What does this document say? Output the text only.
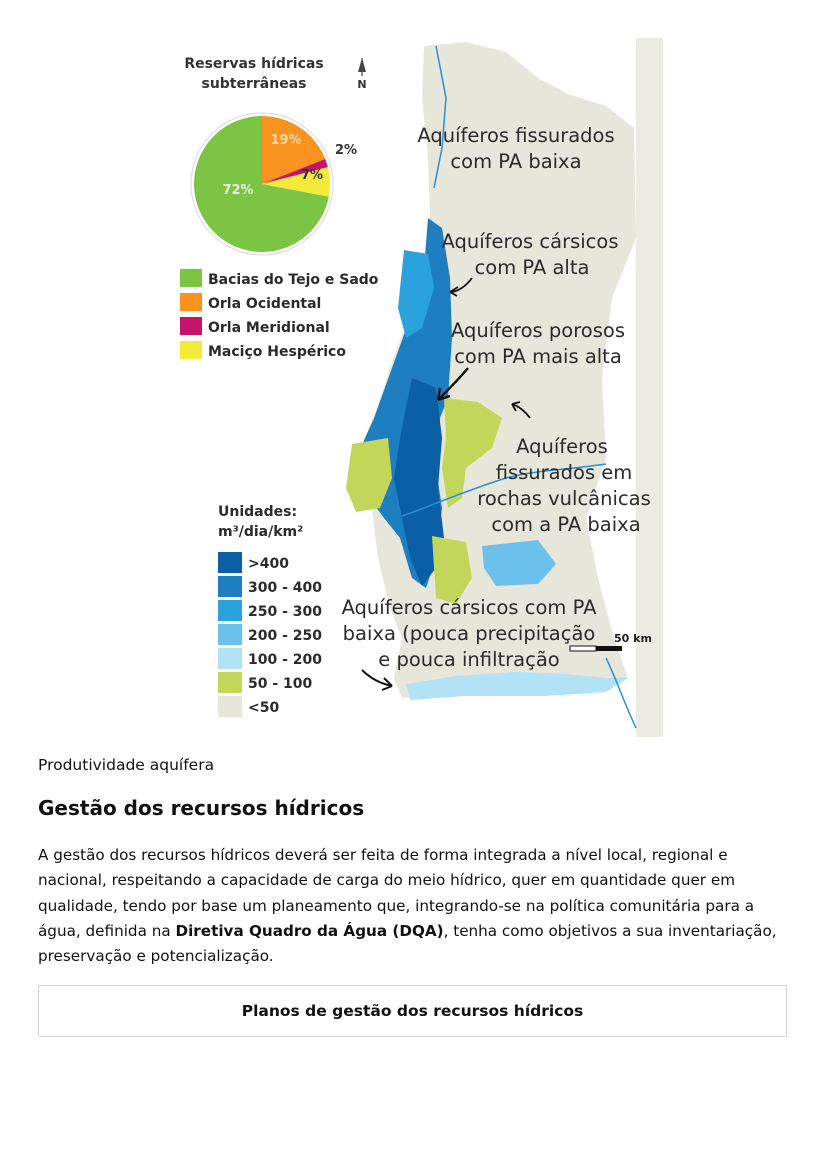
N
Reservas hídricas
subterrâneas
19%
2%
7%
72%
Bacias do Tejo e Sado
Orla Ocidental
Orla Meridional
Maciço Hespérico
Unidades:
m³/dia/km²
>400
300 - 400
250 - 300
200 - 250
100 - 200
50 - 100
<50
Aquíferos fissurados
com PA baixa
Aquíferos cársicos
com PA alta
Aquíferos porosos
com PA mais alta
Aquíferos
fissurados em
rochas vulcânicas
com a PA baixa
Aquíferos cársicos com PA
baixa (pouca precipitação
e pouca infiltração
50 km
Produtividade aquífera
Gestão dos recursos hídricos

A gestão dos recursos hídricos deverá ser feita de forma integrada a nível local, regional e nacional, respeitando a capacidade de carga do meio hídrico, quer em quantidade quer em qualidade, tendo por base um planeamento que, integrando-se na política comunitária para a água, definida na Diretiva Quadro da Água (DQA), tenha como objetivos a sua inventariação, preservação e potencialização.

Planos de gestão dos recursos hídricos
